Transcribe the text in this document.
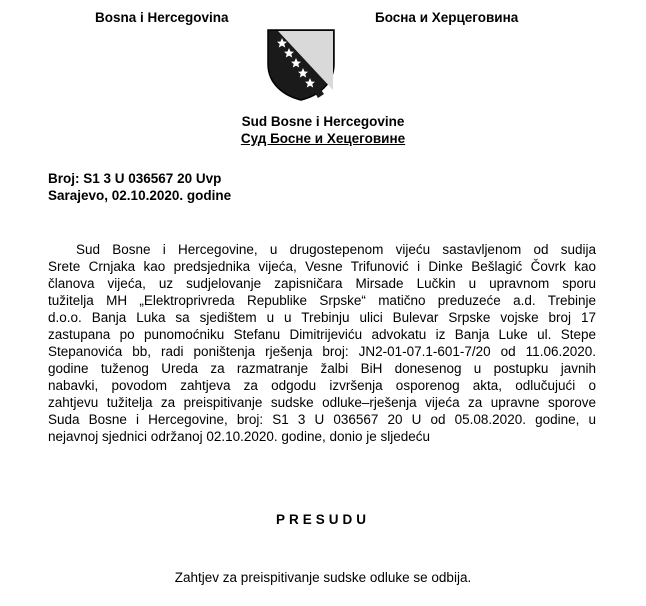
Bosna i Hercegovina	Босна и Херцеговина
Sud Bosne i Hercegovine
Суд Босне и Хецеговине
Broj: S1 3 U 036567 20 Uvp
Sarajevo, 02.10.2020. godine
Sud Bosne i Hercegovine, u drugostepenom vijeću sastavljenom od sudija
Srete Crnjaka kao predsjednika vijeća, Vesne Trifunović i Dinke Bešlagić Čovrk kao
članova vijeća, uz sudjelovanje zapisničara Mirsade Lučkin u upravnom sporu
tužitelja MH „Elektroprivreda Republike Srpske“ matično preduzeće a.d. Trebinje
d.o.o. Banja Luka sa sjedištem u u Trebinju ulici Bulevar Srpske vojske broj 17
zastupana po punomoćniku Stefanu Dimitrijeviću advokatu iz Banja Luke ul. Stepe
Stepanovića bb, radi poništenja rješenja broj: JN2-01-07.1-601-7/20 od 11.06.2020.
godine tuženog Ureda za razmatranje žalbi BiH donesenog u postupku javnih
nabavki, povodom zahtjeva za odgodu izvršenja osporenog akta, odlučujući o
zahtjevu tužitelja za preispitivanje sudske odluke–rješenja vijeća za upravne sporove
Suda Bosne i Hercegovine, broj: S1 3 U 036567 20 U od 05.08.2020. godine, u
nejavnoj sjednici održanoj 02.10.2020. godine, donio je sljedeću
PRESUDU
Zahtjev za preispitivanje sudske odluke se odbija.
